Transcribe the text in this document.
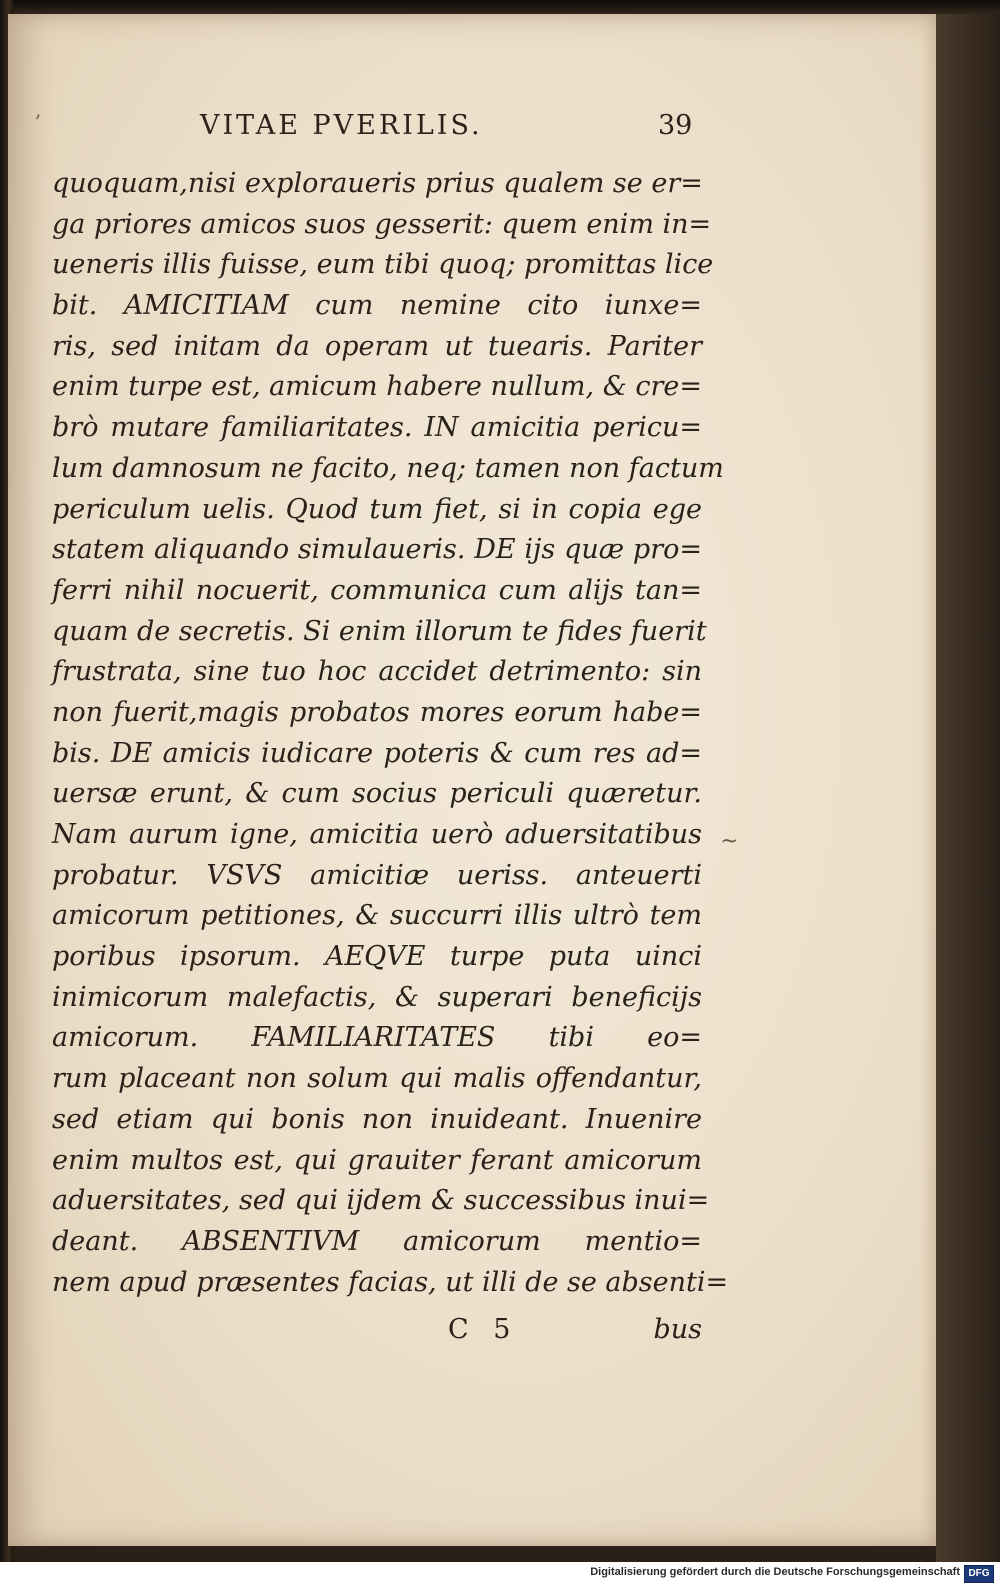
ʼ
~
VITAE PVERILIS.	39
quoquam,nisi exploraueris prius qualem se er=
ga priores amicos suos gesserit: quem enim in=
ueneris illis fuisse, eum tibi quoq; promittas lice
bit. AMICITIAM cum nemine cito iunxe=
ris, sed initam da operam ut tuearis. Pariter
enim turpe est, amicum habere nullum, & cre=
brò mutare familiaritates. IN amicitia pericu=
lum damnosum ne facito, neq; tamen non factum
periculum uelis. Quod tum fiet, si in copia ege
statem aliquando simulaueris. DE ijs quæ pro=
ferri nihil nocuerit, communica cum alijs tan=
quam de secretis. Si enim illorum te fides fuerit
frustrata, sine tuo hoc accidet detrimento: sin
non fuerit,magis probatos mores eorum habe=
bis. DE amicis iudicare poteris & cum res ad=
uersæ erunt, & cum socius periculi quæretur.
Nam aurum igne, amicitia uerò aduersitatibus
probatur. VSVS amicitiæ ueriss. anteuerti
amicorum petitiones, & succurri illis ultrò tem
poribus ipsorum. AEQVE turpe puta uinci
inimicorum malefactis, & superari beneficijs
amicorum. FAMILIARITATES tibi eo=
rum placeant non solum qui malis offendantur,
sed etiam qui bonis non inuideant. Inuenire
enim multos est, qui grauiter ferant amicorum
aduersitates, sed qui ijdem & successibus inui=
deant. ABSENTIVM amicorum mentio=
nem apud præsentes facias, ut illi de se absenti=
C 5	bus
Digitalisierung gefördert durch die Deutsche Forschungsgemeinschaft DFG
